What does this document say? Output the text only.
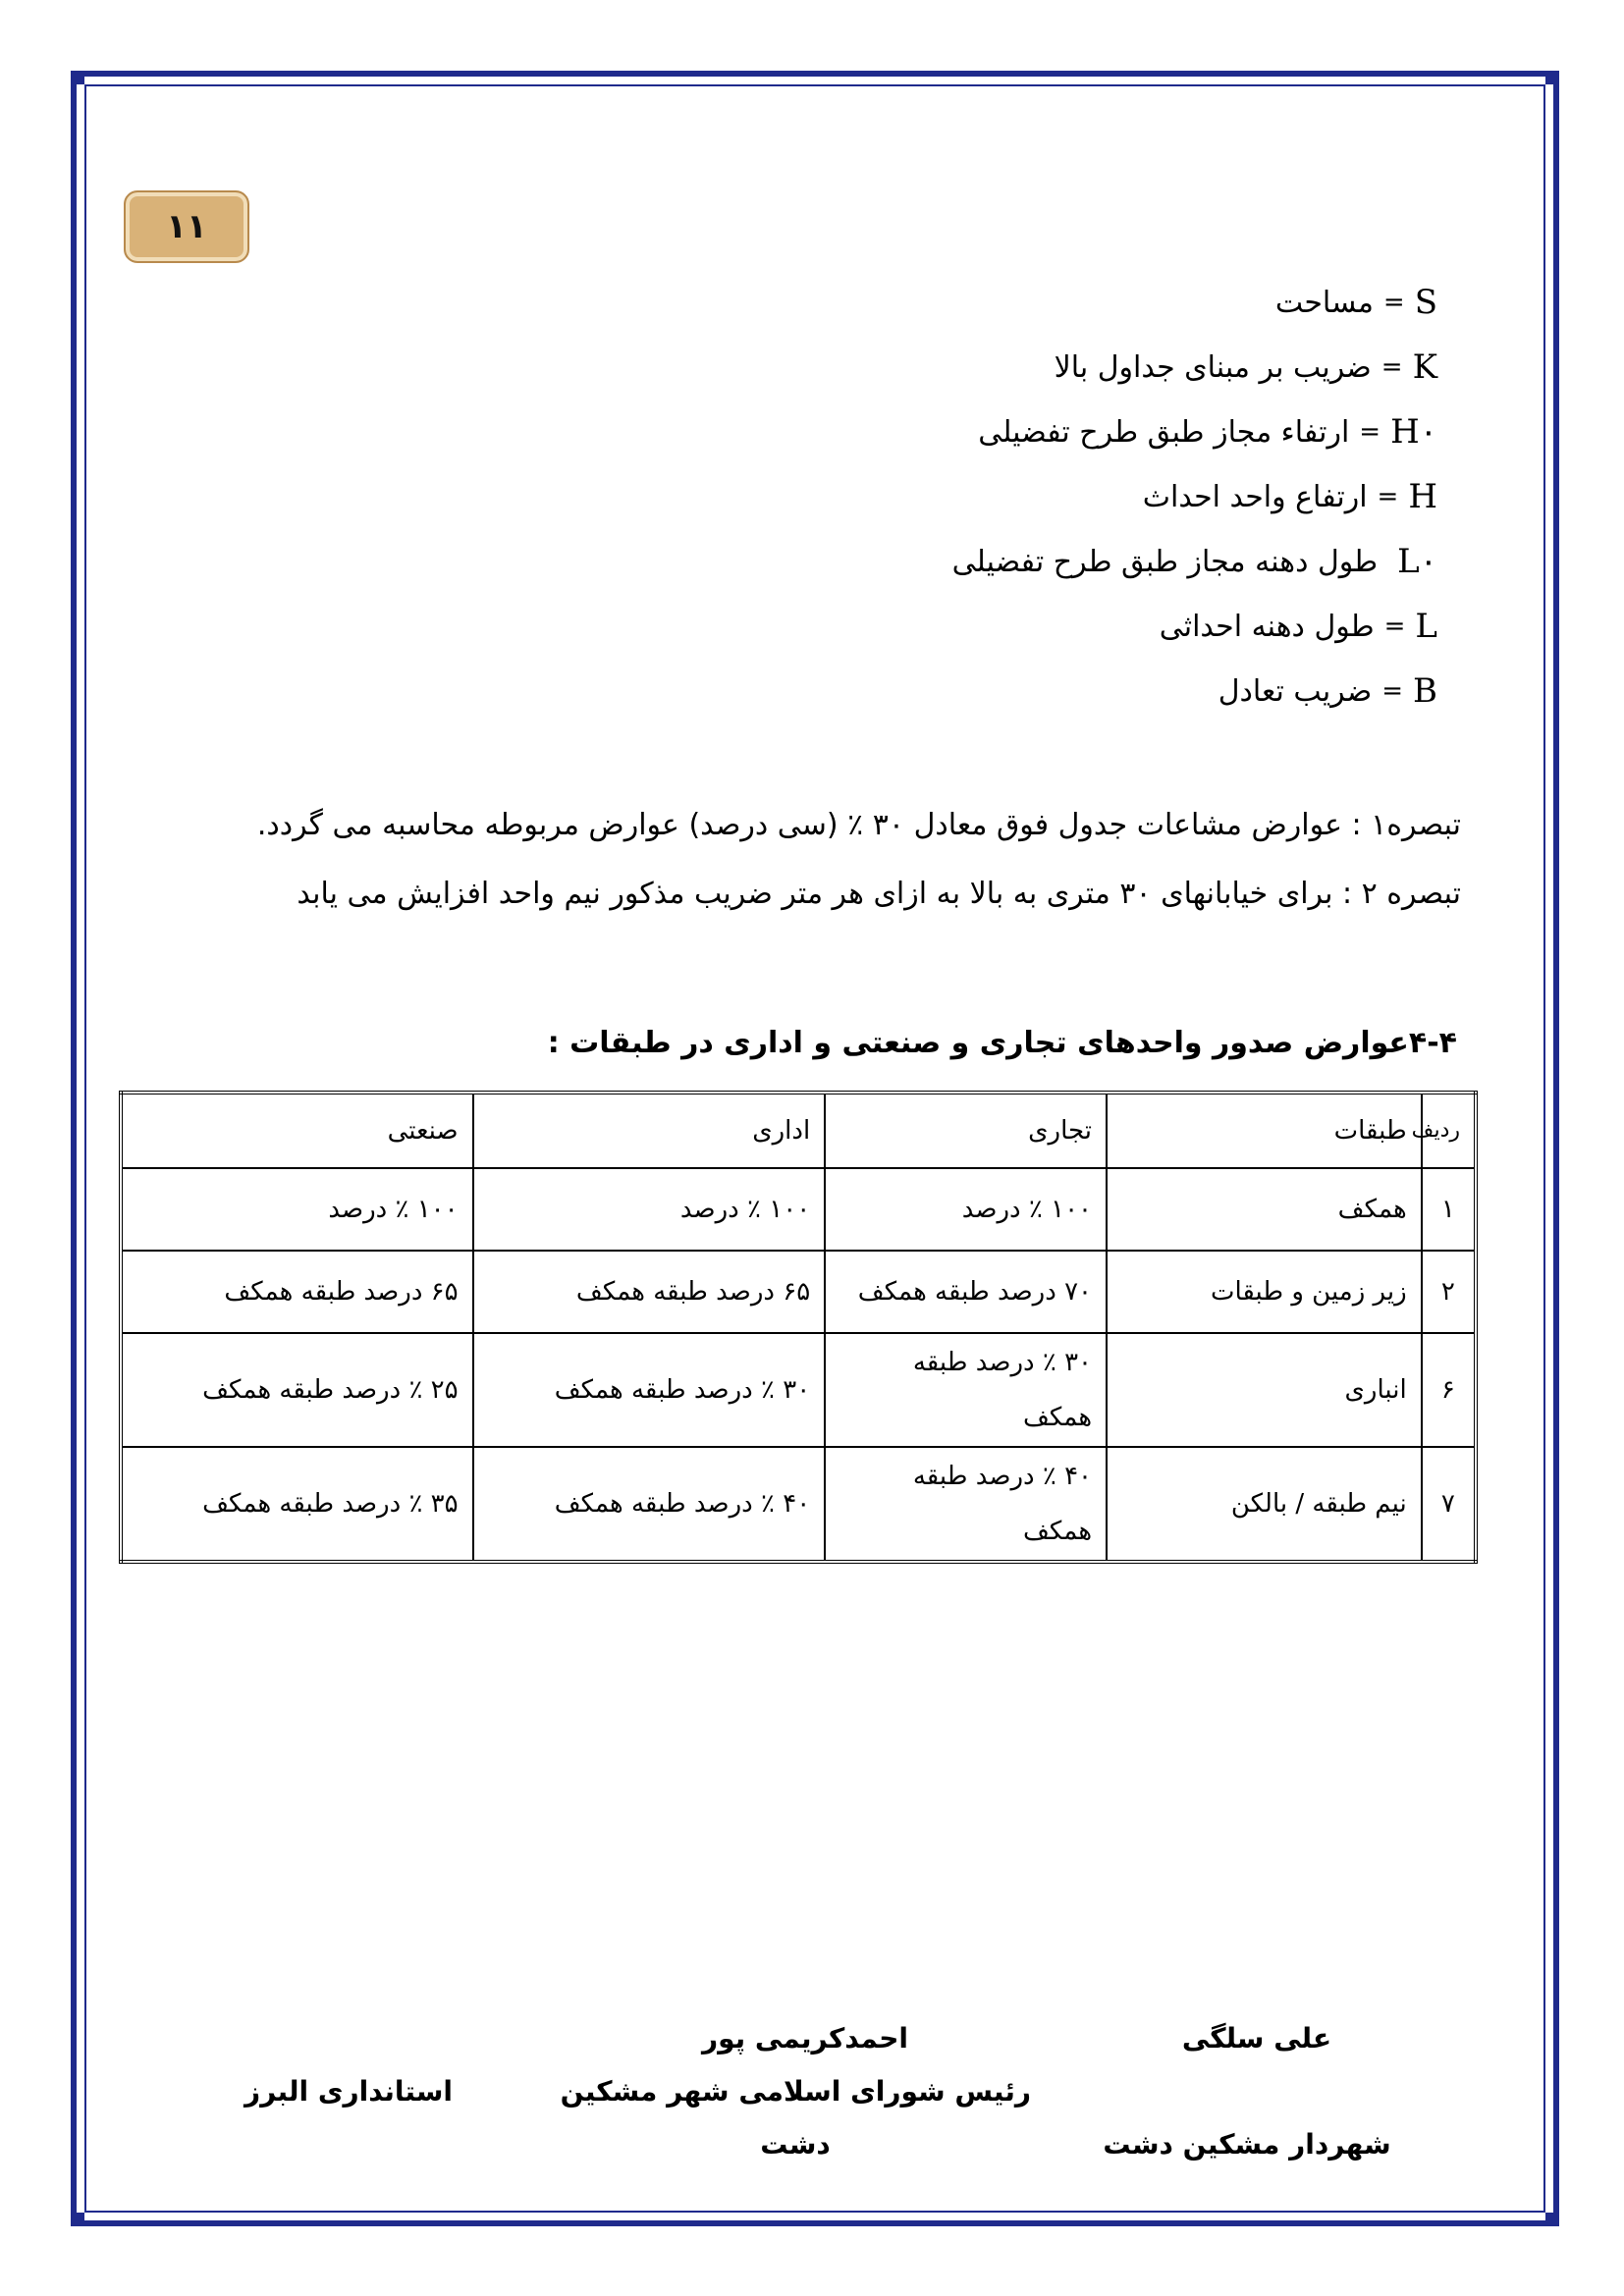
۱۱
S
=
مساحت
K
=
ضریب بر مبنای جداول بالا
H۰
=
ارتفاء مجاز طبق طرح تفضیلی
H
=
ارتفاع واحد احداث
L۰
طول دهنه مجاز طبق طرح تفضیلی
L
=
طول دهنه احداثی
B
=
ضریب تعادل
تبصره۱ : عوارض مشاعات جدول فوق معادل ۳۰ ٪ (سی درصد) عوارض مربوطه محاسبه می گردد.
تبصره ۲ : برای خیابانهای ۳۰ متری به بالا به ازای هر متر ضریب مذکور نیم واحد افزایش می یابد
۴-۴عوارض صدور واحدهای تجاری و صنعتی و اداری در طبقات :
ردیف	طبقات	تجاری	اداری	صنعتی
۱	همکف	۱۰۰ ٪ درصد	۱۰۰ ٪ درصد	۱۰۰ ٪ درصد
۲	زیر زمین و طبقات	۷۰ درصد طبقه همکف	۶۵ درصد طبقه همکف	۶۵ درصد طبقه همکف
۶	انباری	۳۰ ٪ درصد طبقه همکف	۳۰ ٪ درصد طبقه همکف	۲۵ ٪ درصد طبقه همکف
۷	نیم طبقه / بالکن	۴۰ ٪ درصد طبقه همکف	۴۰ ٪ درصد طبقه همکف	۳۵ ٪ درصد طبقه همکف
علی سلگی
شهردار مشکین دشت
احمدکریمی پور
رئیس شورای اسلامی شهر مشکین
دشت
استانداری البرز
